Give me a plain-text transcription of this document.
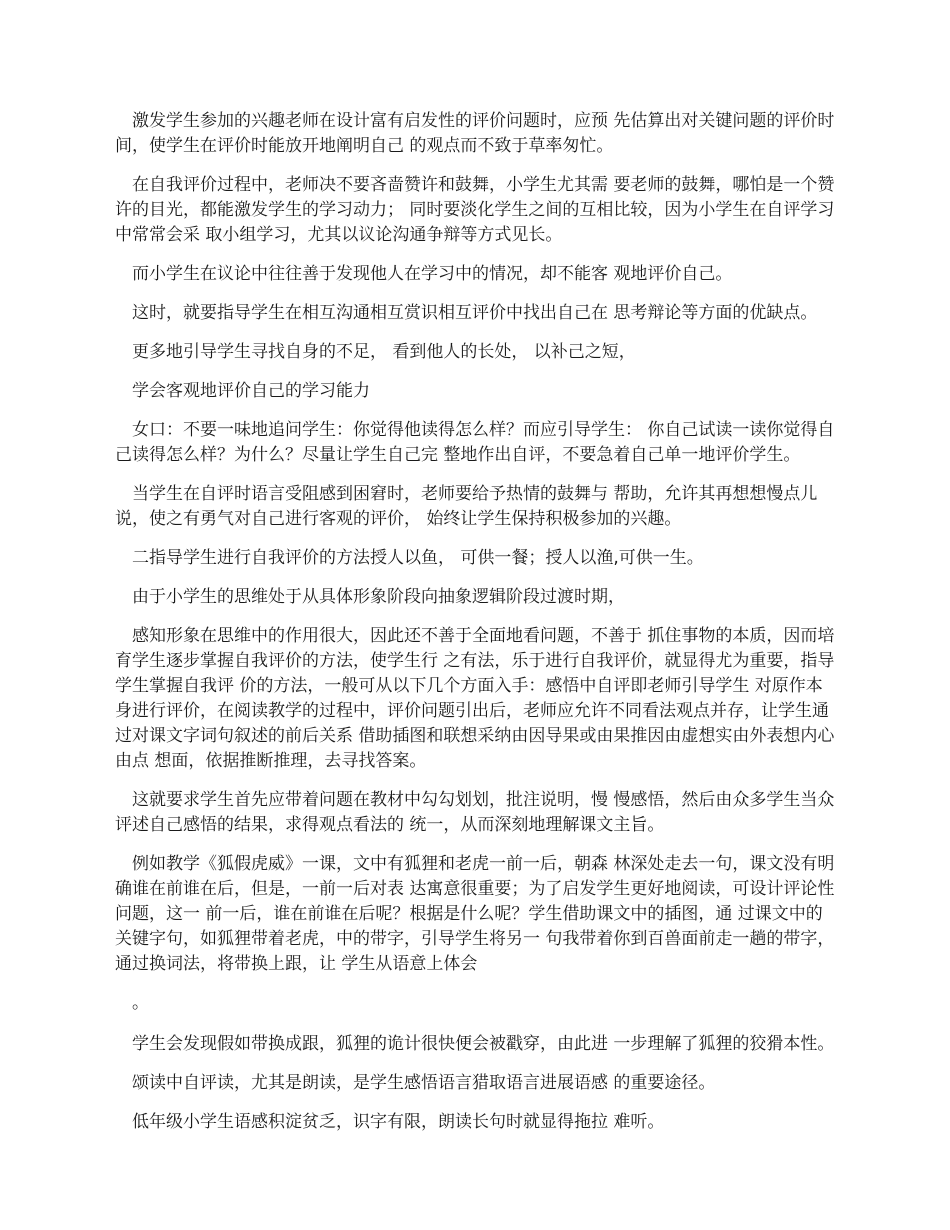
激发学生参加的兴趣老师在设计富有启发性的评价问题时，应预 先估算出对关键问题的评价时间，使学生在评价时能放开地阐明自己 的观点而不致于草率匆忙。

在自我评价过程中，老师决不要吝啬赞许和鼓舞，小学生尤其需 要老师的鼓舞，哪怕是一个赞许的目光，都能激发学生的学习动力； 同时要淡化学生之间的互相比较，因为小学生在自评学习中常常会采 取小组学习，尤其以议论沟通争辩等方式见长。

而小学生在议论中往往善于发现他人在学习中的情况，却不能客 观地评价自己。

这时，就要指导学生在相互沟通相互赏识相互评价中找出自己在 思考辩论等方面的优缺点。

更多地引导学生寻找自身的不足， 看到他人的长处， 以补己之短，

学会客观地评价自己的学习能力

女口：不要一味地追问学生：你觉得他读得怎么样？而应引导学生： 你自己试读一读你觉得自己读得怎么样？为什么？尽量让学生自己完 整地作出自评，不要急着自己单一地评价学生。

当学生在自评时语言受阻感到困窘时，老师要给予热情的鼓舞与 帮助，允许其再想想慢点儿说，使之有勇气对自己进行客观的评价， 始终让学生保持积极参加的兴趣。

二指导学生进行自我评价的方法授人以鱼， 可供一餐；授人以渔,可供一生。

由于小学生的思维处于从具体形象阶段向抽象逻辑阶段过渡时期，

感知形象在思维中的作用很大，因此还不善于全面地看问题，不善于 抓住事物的本质，因而培育学生逐步掌握自我评价的方法，使学生行 之有法，乐于进行自我评价，就显得尤为重要，指导学生掌握自我评 价的方法，一般可从以下几个方面入手：感悟中自评即老师引导学生 对原作本身进行评价，在阅读教学的过程中，评价问题引出后，老师应允许不同看法观点并存，让学生通过对课文字词句叙述的前后关系 借助插图和联想采纳由因导果或由果推因由虚想实由外表想内心由点 想面，依据推断推理，去寻找答案。

这就要求学生首先应带着问题在教材中勾勾划划，批注说明，慢 慢感悟，然后由众多学生当众评述自己感悟的结果，求得观点看法的 统一，从而深刻地理解课文主旨。

例如教学《狐假虎威》一课，文中有狐狸和老虎一前一后，朝森 林深处走去一句，课文没有明确谁在前谁在后，但是，一前一后对表 达寓意很重要；为了启发学生更好地阅读，可设计评论性问题，这一 前一后，谁在前谁在后呢？根据是什么呢？学生借助课文中的插图，通 过课文中的关键字句，如狐狸带着老虎，中的带字，引导学生将另一 句我带着你到百兽面前走一趟的带字，通过换词法，将带换上跟，让 学生从语意上体会

。

学生会发现假如带换成跟，狐狸的诡计很快便会被戳穿，由此进 一步理解了狐狸的狡猾本性。

颂读中自评读，尤其是朗读，是学生感悟语言猎取语言进展语感 的重要途径。

低年级小学生语感积淀贫乏，识字有限，朗读长句时就显得拖拉 难听。
